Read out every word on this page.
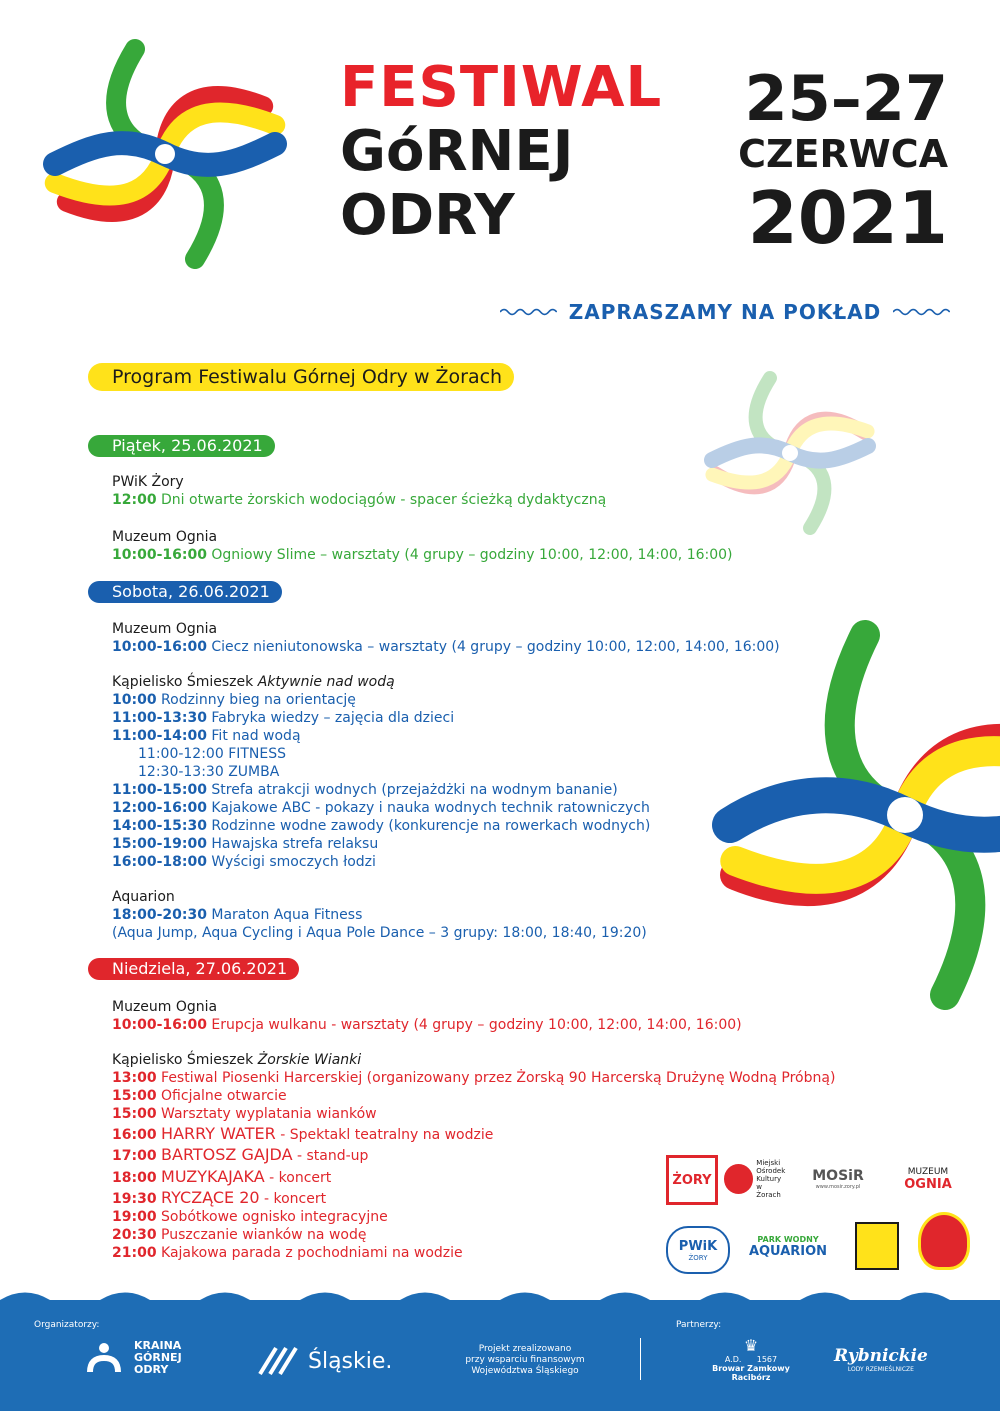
FESTIWAL
GóRNEJ
ODRY
25–27
CZERWCA
2021
ZAPRASZAMY NA POKŁAD
Program Festiwalu Górnej Odry w Żorach
Piątek, 25.06.2021
PWiK Żory
12:00 Dni otwarte żorskich wodociągów - spacer ścieżką dydaktyczną
Muzeum Ognia
10:00-16:00 Ogniowy Slime – warsztaty (4 grupy – godziny 10:00, 12:00, 14:00, 16:00)
Sobota, 26.06.2021
Muzeum Ognia
10:00-16:00 Ciecz nieniutonowska – warsztaty (4 grupy – godziny 10:00, 12:00, 14:00, 16:00)
Kąpielisko Śmieszek Aktywnie nad wodą
10:00 Rodzinny bieg na orientację
11:00-13:30 Fabryka wiedzy – zajęcia dla dzieci
11:00-14:00 Fit nad wodą
11:00-12:00 FITNESS
12:30-13:30 ZUMBA
11:00-15:00 Strefa atrakcji wodnych (przejażdżki na wodnym bananie)
12:00-16:00 Kajakowe ABC - pokazy i nauka wodnych technik ratowniczych
14:00-15:30 Rodzinne wodne zawody (konkurencje na rowerkach wodnych)
15:00-19:00 Hawajska strefa relaksu
16:00-18:00 Wyścigi smoczych łodzi
Aquarion
18:00-20:30 Maraton Aqua Fitness
(Aqua Jump, Aqua Cycling i Aqua Pole Dance – 3 grupy: 18:00, 18:40, 19:20)
Niedziela, 27.06.2021
Muzeum Ognia
10:00-16:00 Erupcja wulkanu - warsztaty (4 grupy – godziny 10:00, 12:00, 14:00, 16:00)
Kąpielisko Śmieszek Żorskie Wianki
13:00 Festiwal Piosenki Harcerskiej (organizowany przez Żorską 90 Harcerską Drużynę Wodną Próbną)
15:00 Oficjalne otwarcie
15:00 Warsztaty wyplatania wianków
16:00 HARRY WATER - Spektakl teatralny na wodzie
17:00 BARTOSZ GAJDA - stand-up
18:00 MUZYKAJAKA - koncert
19:30 RYCZĄCE 20 - koncert
19:00 Sobótkowe ognisko integracyjne
20:30 Puszczanie wianków na wodę
21:00 Kajakowa parada z pochodniami na wodzie
ŻORY
Miejski
Ośrodek
Kultury
w Żorach
MOSiR
www.mosir.zory.pl
MUZEUM
OGNIA
PWiK
ŻORY
PARK WODNY
AQUARION
Organizatorzy:
KRAINA
GÓRNEJ
ODRY	Śląskie.	Projekt zrealizowano
przy wsparciu finansowym
Województwa Śląskiego
Partnerzy:
♛
A.D. 1567
Browar Zamkowy Racibórz
Rybnickie
LODY RZEMIEŚLNICZE
